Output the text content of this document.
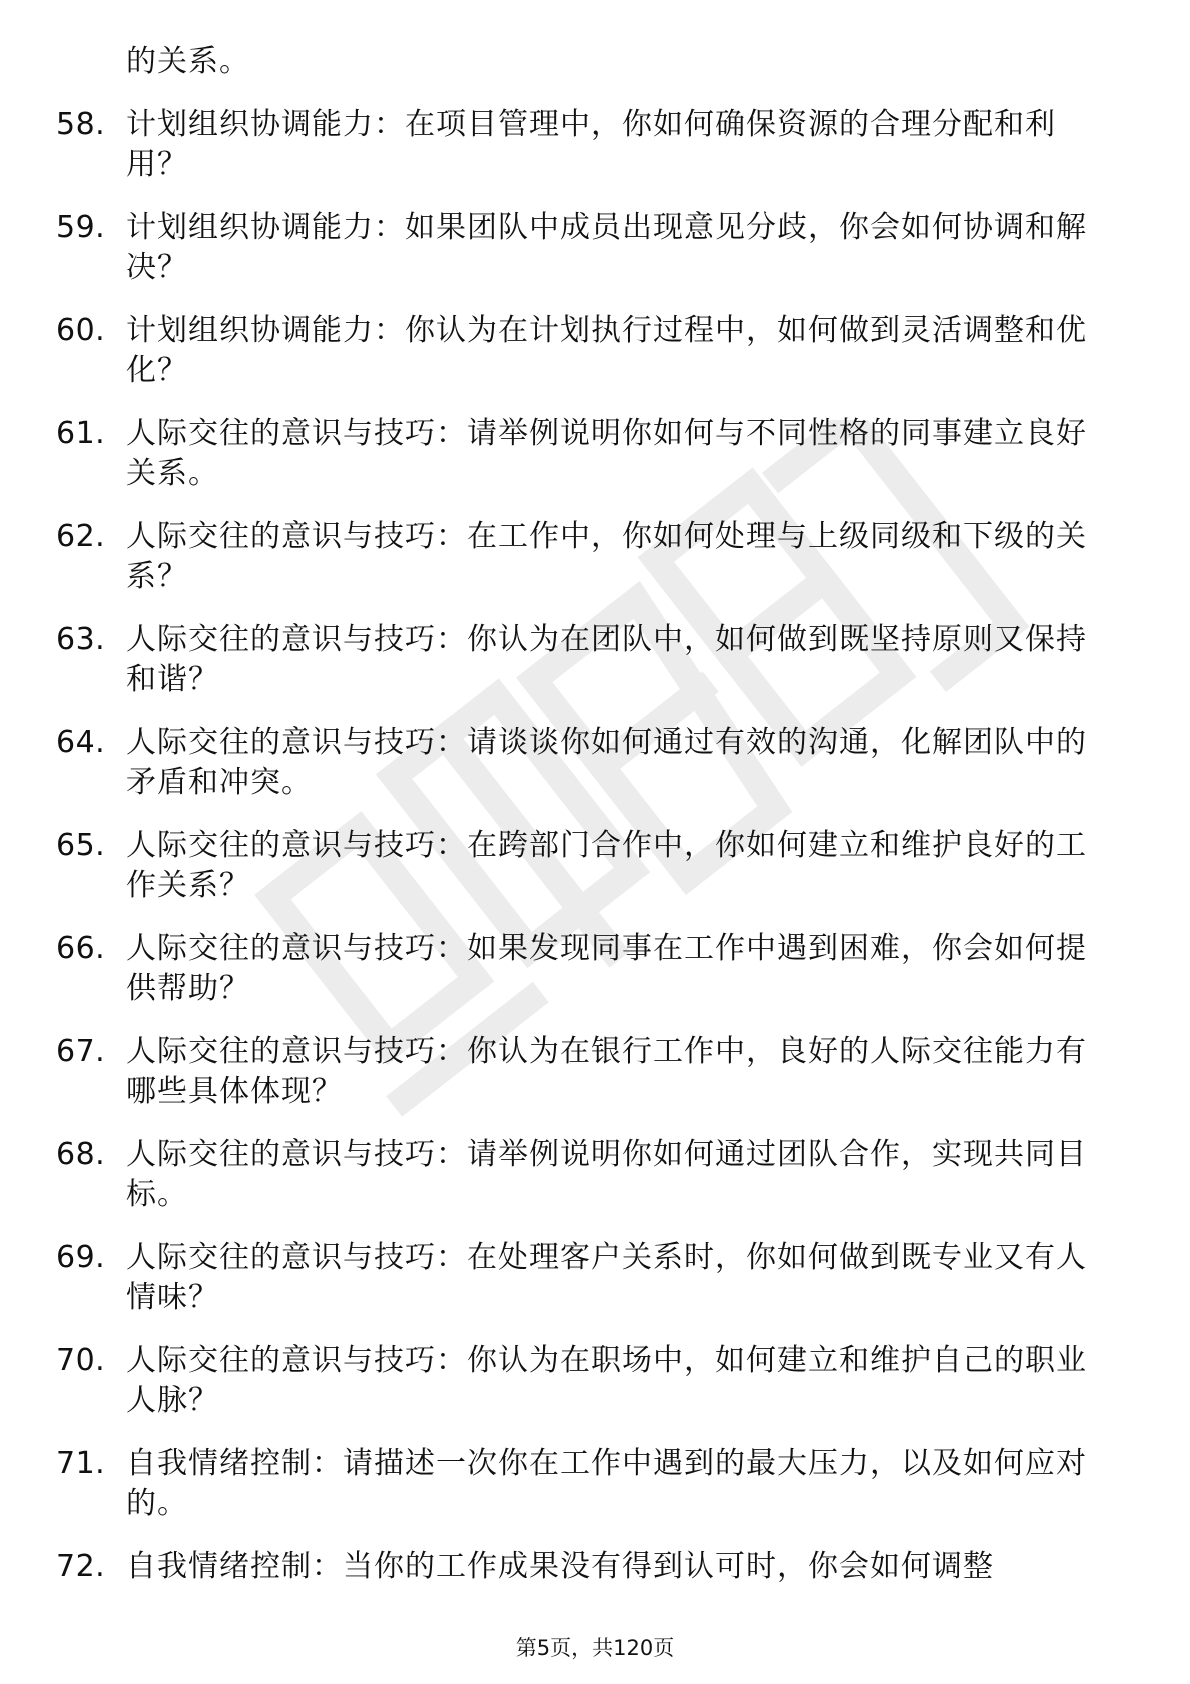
的关系。
58. 计划组织协调能力：在项目管理中，你如何确保资源的合理分配和利用？
59. 计划组织协调能力：如果团队中成员出现意见分歧，你会如何协调和解决？
60. 计划组织协调能力：你认为在计划执行过程中，如何做到灵活调整和优化？
61. 人际交往的意识与技巧：请举例说明你如何与不同性格的同事建立良好关系。
62. 人际交往的意识与技巧：在工作中，你如何处理与上级同级和下级的关系？
63. 人际交往的意识与技巧：你认为在团队中，如何做到既坚持原则又保持和谐？
64. 人际交往的意识与技巧：请谈谈你如何通过有效的沟通，化解团队中的矛盾和冲突。
65. 人际交往的意识与技巧：在跨部门合作中，你如何建立和维护良好的工作关系？
66. 人际交往的意识与技巧：如果发现同事在工作中遇到困难，你会如何提供帮助？
67. 人际交往的意识与技巧：你认为在银行工作中，良好的人际交往能力有哪些具体体现？
68. 人际交往的意识与技巧：请举例说明你如何通过团队合作，实现共同目标。
69. 人际交往的意识与技巧：在处理客户关系时，你如何做到既专业又有人情味？
70. 人际交往的意识与技巧：你认为在职场中，如何建立和维护自己的职业人脉？
71. 自我情绪控制：请描述一次你在工作中遇到的最大压力，以及如何应对的。
72. 自我情绪控制：当你的工作成果没有得到认可时，你会如何调整
第5页，共120页
